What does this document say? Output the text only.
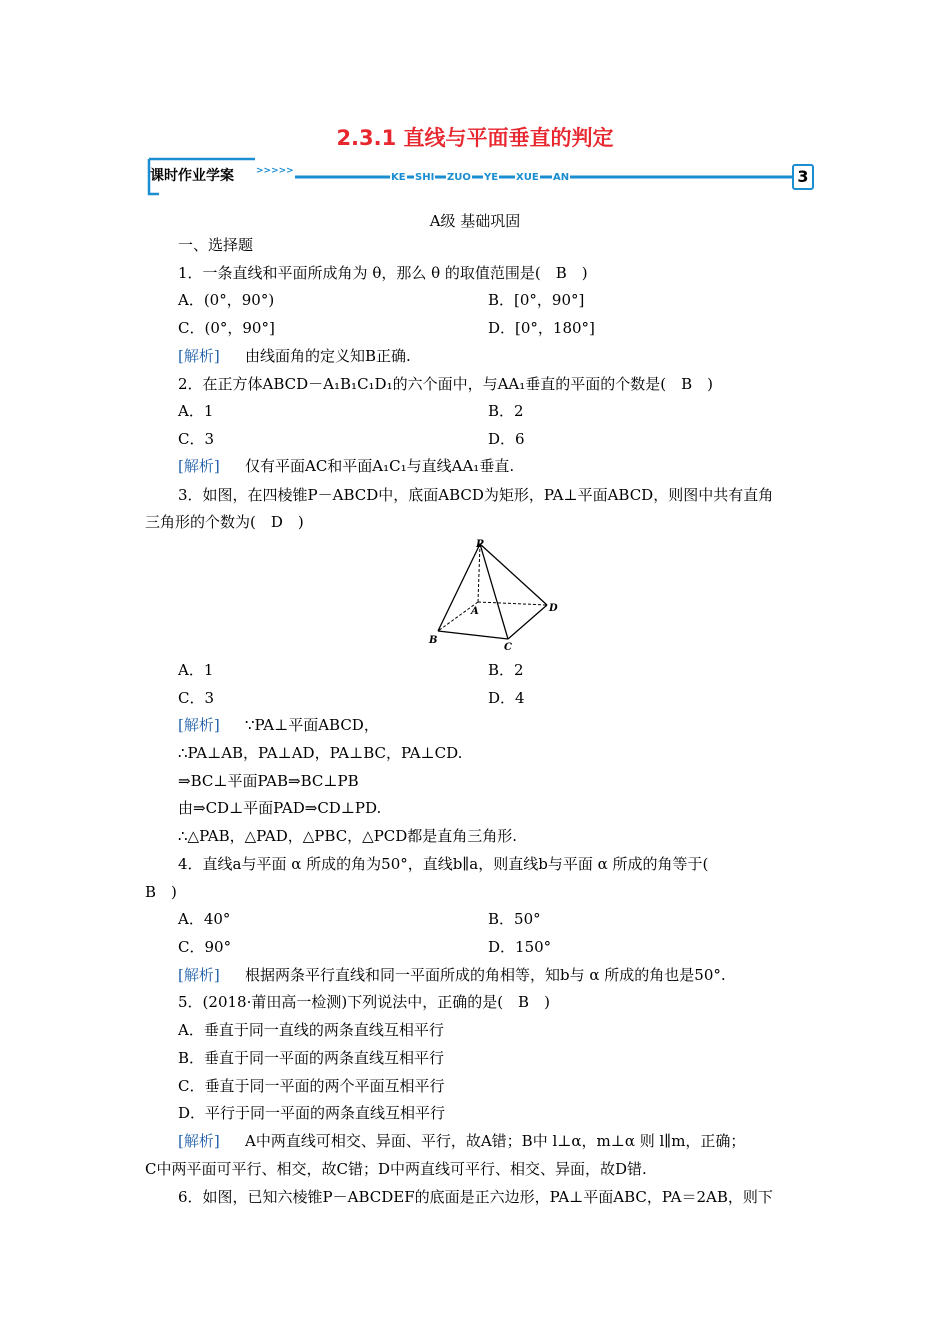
2.3.1 直线与平面垂直的判定
课时作业学案 >>>>>
KE SHI ZUO YE XUE AN	3
A级 基础巩固
一、选择题
1．一条直线和平面所成角为 θ，那么 θ 的取值范围是(　B　)
A．(0°，90°)	B．[0°，90°]
C．(0°，90°]	D．[0°，180°]
[解析] 由线面角的定义知B正确.
2．在正方体ABCD－A₁B₁C₁D₁的六个面中，与AA₁垂直的平面的个数是(　B　)
A．1	B．2
C．3	D．6
[解析] 仅有平面AC和平面A₁C₁与直线AA₁垂直.
3．如图，在四棱锥P－ABCD中，底面ABCD为矩形，PA⊥平面ABCD，则图中共有直角
三角形的个数为(　D　)
P
A
B
C
D
A．1	B．2
C．3	D．4
[解析] ∵PA⊥平面ABCD，
∴PA⊥AB，PA⊥AD，PA⊥BC，PA⊥CD.
⇒BC⊥平面PAB⇒BC⊥PB
由⇒CD⊥平面PAD⇒CD⊥PD.
∴△PAB，△PAD，△PBC，△PCD都是直角三角形.
4．直线a与平面 α 所成的角为50°，直线b∥a，则直线b与平面 α 所成的角等于(
B　)
A．40°	B．50°
C．90°	D．150°
[解析] 根据两条平行直线和同一平面所成的角相等，知b与 α 所成的角也是50°.
5．(2018·莆田高一检测)下列说法中，正确的是(　B　)
A．垂直于同一直线的两条直线互相平行
B．垂直于同一平面的两条直线互相平行
C．垂直于同一平面的两个平面互相平行
D．平行于同一平面的两条直线互相平行
[解析] A中两直线可相交、异面、平行，故A错；B中 l⊥α，m⊥α 则 l∥m，正确；
C中两平面可平行、相交，故C错；D中两直线可平行、相交、异面，故D错.
6．如图，已知六棱锥P－ABCDEF的底面是正六边形，PA⊥平面ABC，PA＝2AB，则下
